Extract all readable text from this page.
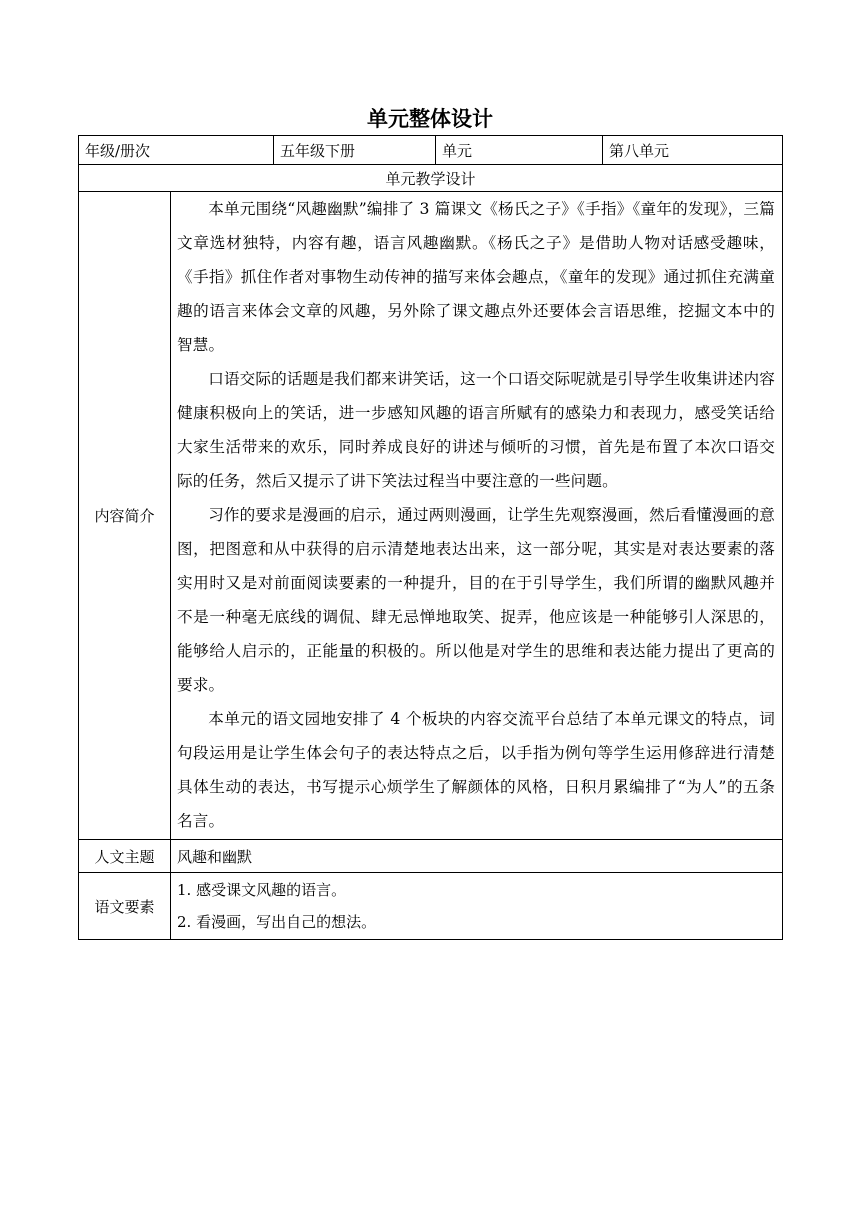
单元整体设计
年级/册次		五年级下册	单元	第八单元
单元教学设计				
内容简介	本单元围绕“风趣幽默”编排了 3 篇课文《杨氏之子》《手指》《童年的发现》，三篇文章选材独特，内容有趣，语言风趣幽默。《杨氏之子》是借助人物对话感受趣味，《手指》抓住作者对事物生动传神的描写来体会趣点，《童年的发现》通过抓住充满童趣的语言来体会文章的风趣，另外除了课文趣点外还要体会言语思维，挖掘文本中的智慧。

口语交际的话题是我们都来讲笑话，这一个口语交际呢就是引导学生收集讲述内容健康积极向上的笑话，进一步感知风趣的语言所赋有的感染力和表现力，感受笑话给大家生活带来的欢乐，同时养成良好的讲述与倾听的习惯，首先是布置了本次口语交际的任务，然后又提示了讲下笑法过程当中要注意的一些问题。

习作的要求是漫画的启示，通过两则漫画，让学生先观察漫画，然后看懂漫画的意图，把图意和从中获得的启示清楚地表达出来，这一部分呢，其实是对表达要素的落实用时又是对前面阅读要素的一种提升，目的在于引导学生，我们所谓的幽默风趣并不是一种毫无底线的调侃、肆无忌惮地取笑、捉弄，他应该是一种能够引人深思的，能够给人启示的，正能量的积极的。所以他是对学生的思维和表达能力提出了更高的要求。

本单元的语文园地安排了 4 个板块的内容交流平台总结了本单元课文的特点，词句段运用是让学生体会句子的表达特点之后，以手指为例句等学生运用修辞进行清楚具体生动的表达，书写提示心烦学生了解颜体的风格，日积月累编排了“为人”的五条名言。			

人文主题	风趣和幽默			
语文要素	1. 感受课文风趣的语言。

2. 看漫画，写出自己的想法。			
